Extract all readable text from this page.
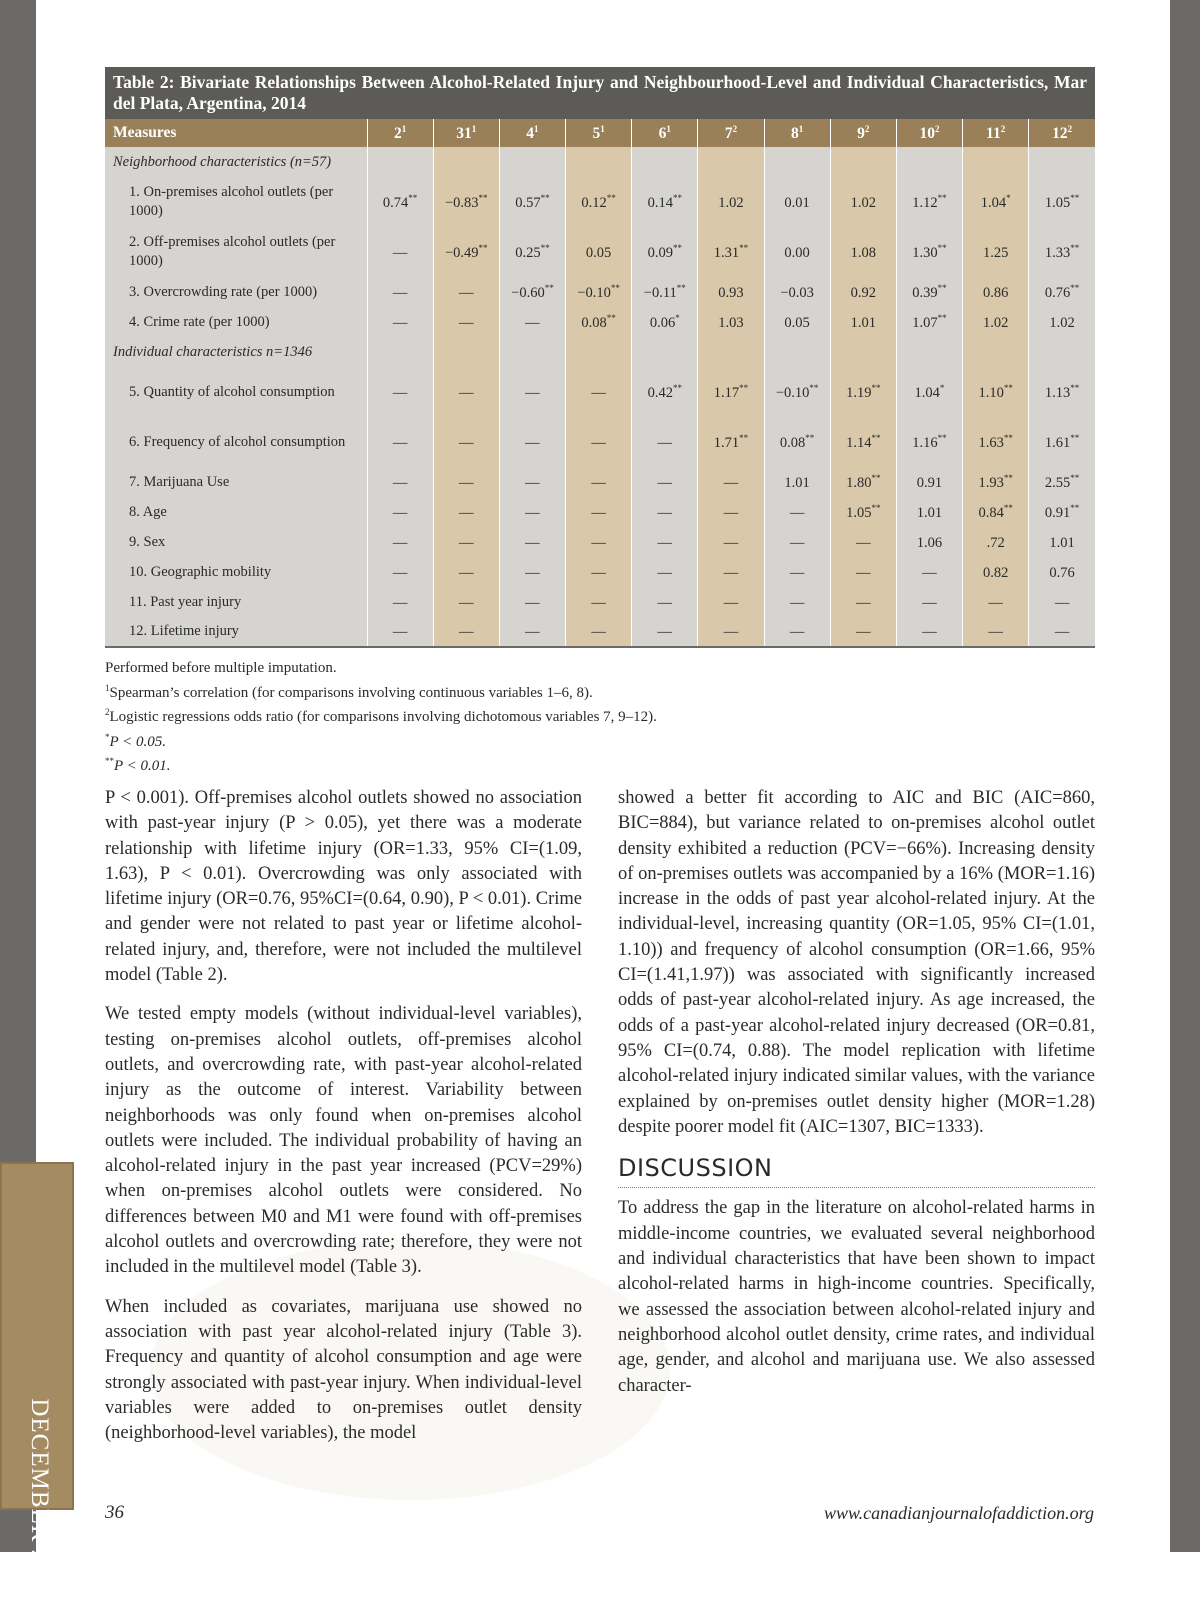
DECEMBER 2020
Table 2: Bivariate Relationships Between Alcohol-Related Injury and Neighbourhood-Level and Individual Characteristics, Mar del Plata, Argentina, 2014
Measures	$2^1$	$31^1$	$4^1$	$5^1$	$6^1$	$7^2$	$8^1$	$9^2$	$10^2$	$11^2$	$12^2$
Neighborhood characteristics (n=57)											
1. On-premises alcohol outlets (per 1000)	0.74**	−0.83**	0.57**	0.12**	0.14**	1.02	0.01	1.02	1.12**	1.04*	1.05**
2. Off-premises alcohol outlets (per 1000)	—	−0.49**	0.25**	0.05	0.09**	1.31**	0.00	1.08	1.30**	1.25	1.33**
3. Overcrowding rate (per 1000)	—	—	−0.60**	−0.10**	−0.11**	0.93	−0.03	0.92	0.39**	0.86	0.76**
4. Crime rate (per 1000)	—	—	—	0.08**	0.06*	1.03	0.05	1.01	1.07**	1.02	1.02
Individual characteristics n=1346											
5. Quantity of alcohol consumption	—	—	—	—	0.42**	1.17**	−0.10**	1.19**	1.04*	1.10**	1.13**
6. Frequency of alcohol consumption	—	—	—	—	—	1.71**	0.08**	1.14**	1.16**	1.63**	1.61**
7. Marijuana Use	—	—	—	—	—	—	1.01	1.80**	0.91	1.93**	2.55**
8. Age	—	—	—	—	—	—	—	1.05**	1.01	0.84**	0.91**
9. Sex	—	—	—	—	—	—	—	—	1.06	.72	1.01
10. Geographic mobility	—	—	—	—	—	—	—	—	—	0.82	0.76
11. Past year injury	—	—	—	—	—	—	—	—	—	—	—
12. Lifetime injury	—	—	—	—	—	—	—	—	—	—	—

Performed before multiple imputation.

$^1$Spearman’s correlation (for comparisons involving continuous variables 1–6, 8).

$^2$Logistic regressions odds ratio (for comparisons involving dichotomous variables 7, 9–12).

*P < 0.05.

**P < 0.01.

P < 0.001). Off-premises alcohol outlets showed no association with past-year injury (P > 0.05), yet there was a moderate relationship with lifetime injury (OR=1.33, 95% CI=(1.09, 1.63), P < 0.01). Overcrowding was only associated with lifetime injury (OR=0.76, 95%CI=(0.64, 0.90), P < 0.01). Crime and gender were not related to past year or lifetime alcohol-related injury, and, therefore, were not included the multilevel model (Table 2).

We tested empty models (without individual-level variables), testing on-premises alcohol outlets, off-premises alcohol outlets, and overcrowding rate, with past-year alcohol-related injury as the outcome of interest. Variability between neighborhoods was only found when on-premises alcohol outlets were included. The individual probability of having an alcohol-related injury in the past year increased (PCV=29%) when on-premises alcohol outlets were considered. No differences between M0 and M1 were found with off-premises alcohol outlets and overcrowding rate; therefore, they were not included in the multilevel model (Table 3).

When included as covariates, marijuana use showed no association with past year alcohol-related injury (Table 3). Frequency and quantity of alcohol consumption and age were strongly associated with past-year injury. When individual-level variables were added to on-premises outlet density (neighborhood-level variables), the model

showed a better fit according to AIC and BIC (AIC=860, BIC=884), but variance related to on-premises alcohol outlet density exhibited a reduction (PCV=−66%). Increasing density of on-premises outlets was accompanied by a 16% (MOR=1.16) increase in the odds of past year alcohol-related injury. At the individual-level, increasing quantity (OR=1.05, 95% CI=(1.01, 1.10)) and frequency of alcohol consumption (OR=1.66, 95% CI=(1.41,1.97)) was associated with significantly increased odds of past-year alcohol-related injury. As age increased, the odds of a past-year alcohol-related injury decreased (OR=0.81, 95% CI=(0.74, 0.88). The model replication with lifetime alcohol-related injury indicated similar values, with the variance explained by on-premises outlet density higher (MOR=1.28) despite poorer model fit (AIC=1307, BIC=1333).

DISCUSSION

To address the gap in the literature on alcohol-related harms in middle-income countries, we evaluated several neighborhood and individual characteristics that have been shown to impact alcohol-related harms in high-income countries. Specifically, we assessed the association between alcohol-related injury and neighborhood alcohol outlet density, crime rates, and individual age, gender, and alcohol and marijuana use. We also assessed character-

36	www.canadianjournalofaddiction.org
